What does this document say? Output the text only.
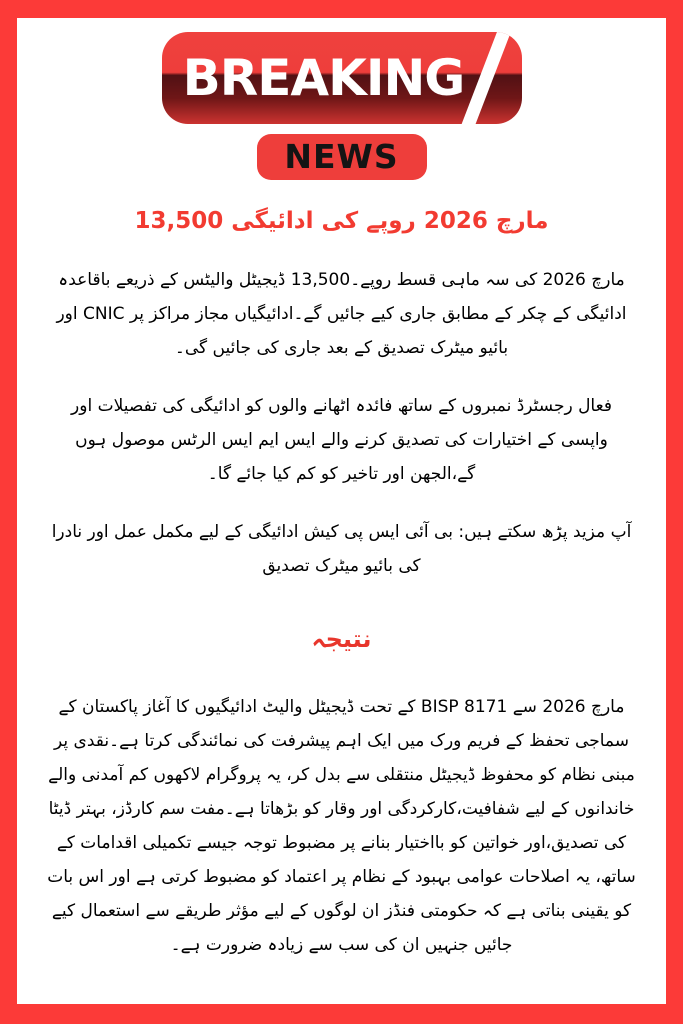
BREAKING
NEWS
مارچ 2026 روپے کی ادائیگی 13,500
مارچ 2026 کی سہ ماہی قسط روپے۔13,500 ڈیجیٹل والیٹس کے ذریعے باقاعدہ ادائیگی کے چکر کے مطابق جاری کیے جائیں گے۔ادائیگیاں مجاز مراکز پر CNIC اور بائیو میٹرک تصدیق کے بعد جاری کی جائیں گی۔
فعال رجسٹرڈ نمبروں کے ساتھ فائدہ اٹھانے والوں کو ادائیگی کی تفصیلات اور واپسی کے اختیارات کی تصدیق کرنے والے ایس ایم ایس الرٹس موصول ہوں گے،الجھن اور تاخیر کو کم کیا جائے گا۔
آپ مزید پڑھ سکتے ہیں: بی آئی ایس پی کیش ادائیگی کے لیے مکمل عمل اور نادرا کی بائیو میٹرک تصدیق
نتیجہ
مارچ 2026 سے BISP 8171 کے تحت ڈیجیٹل والیٹ ادائیگیوں کا آغاز پاکستان کے سماجی تحفظ کے فریم ورک میں ایک اہم پیشرفت کی نمائندگی کرتا ہے۔نقدی پر مبنی نظام کو محفوظ ڈیجیٹل منتقلی سے بدل کر، یہ پروگرام لاکھوں کم آمدنی والے خاندانوں کے لیے شفافیت،کارکردگی اور وقار کو بڑھاتا ہے۔مفت سم کارڈز، بہتر ڈیٹا کی تصدیق،اور خواتین کو بااختیار بنانے پر مضبوط توجہ جیسے تکمیلی اقدامات کے ساتھ، یہ اصلاحات عوامی بہبود کے نظام پر اعتماد کو مضبوط کرتی ہے اور اس بات کو یقینی بناتی ہے کہ حکومتی فنڈز ان لوگوں کے لیے مؤثر طریقے سے استعمال کیے جائیں جنہیں ان کی سب سے زیادہ ضرورت ہے۔
